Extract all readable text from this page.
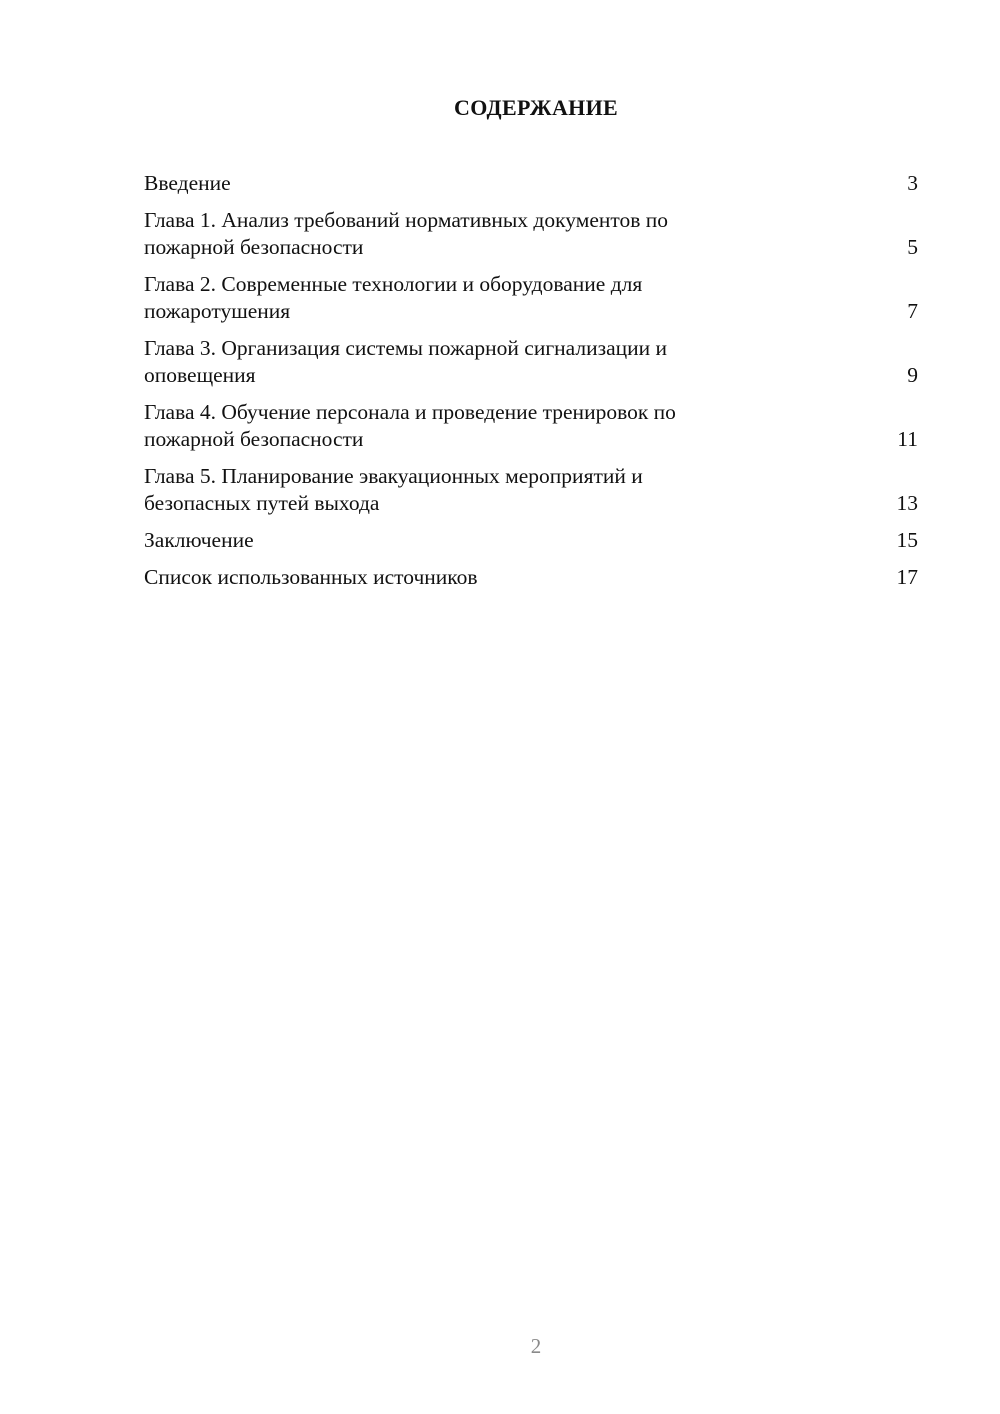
СОДЕРЖАНИЕ
Введение	3
Глава 1. Анализ требований нормативных документов по
пожарной безопасности	5
Глава 2. Современные технологии и оборудование для
пожаротушения	7
Глава 3. Организация системы пожарной сигнализации и
оповещения	9
Глава 4. Обучение персонала и проведение тренировок по
пожарной безопасности	11
Глава 5. Планирование эвакуационных мероприятий и
безопасных путей выхода	13
Заключение	15
Список использованных источников	17
2
